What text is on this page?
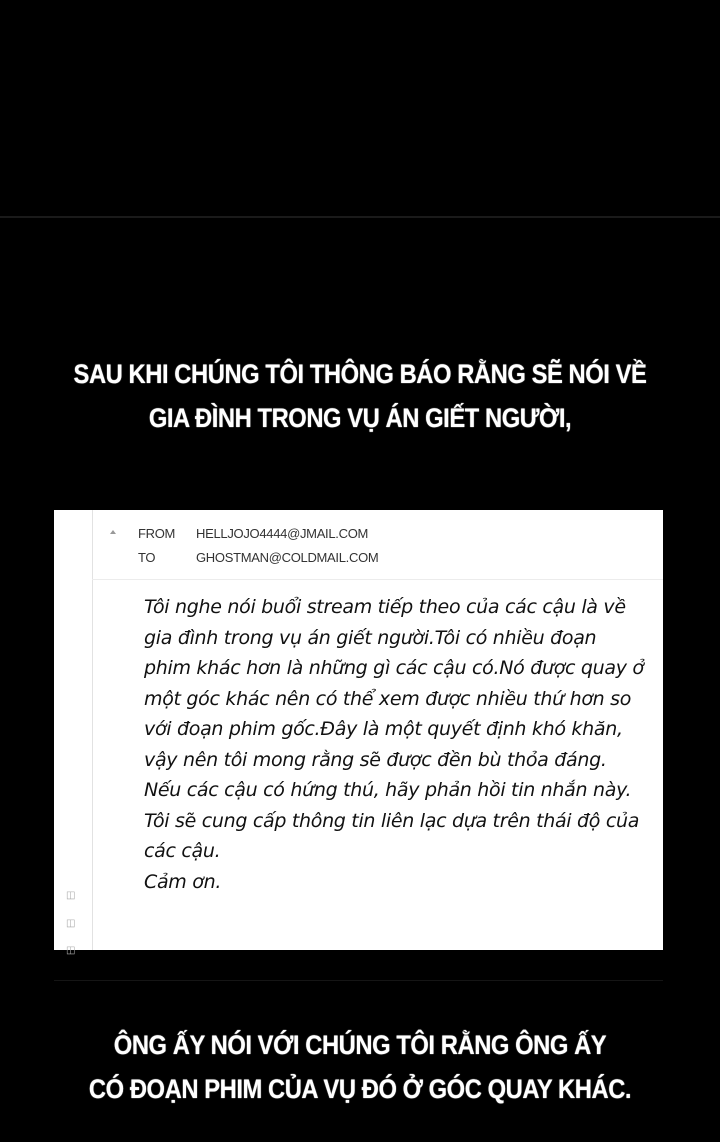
SAU KHI CHÚNG TÔI THÔNG BÁO RẰNG SẼ NÓI VỀ
GIA ĐÌNH TRONG VỤ ÁN GIẾT NGƯỜI,
◫
◫
◫
FROM HELLJOJO4444@JMAIL.COM
TO	GHOSTMAN@COLDMAIL.COM
Tôi nghe nói buổi stream tiếp theo của các cậu là về gia đình trong vụ án giết người.Tôi có nhiều đoạn phim khác hơn là những gì các cậu có.Nó được quay ở một góc khác nên có thể xem được nhiều thứ hơn so với đoạn phim gốc.Đây là một quyết định khó khăn, vậy nên tôi mong rằng sẽ được đền bù thỏa đáng.
Nếu các cậu có hứng thú, hãy phản hồi tin nhắn này. Tôi sẽ cung cấp thông tin liên lạc dựa trên thái độ của các cậu.
Cảm ơn.
ÔNG ẤY NÓI VỚI CHÚNG TÔI RẰNG ÔNG ẤY
CÓ ĐOẠN PHIM CỦA VỤ ĐÓ Ở GÓC QUAY KHÁC.
